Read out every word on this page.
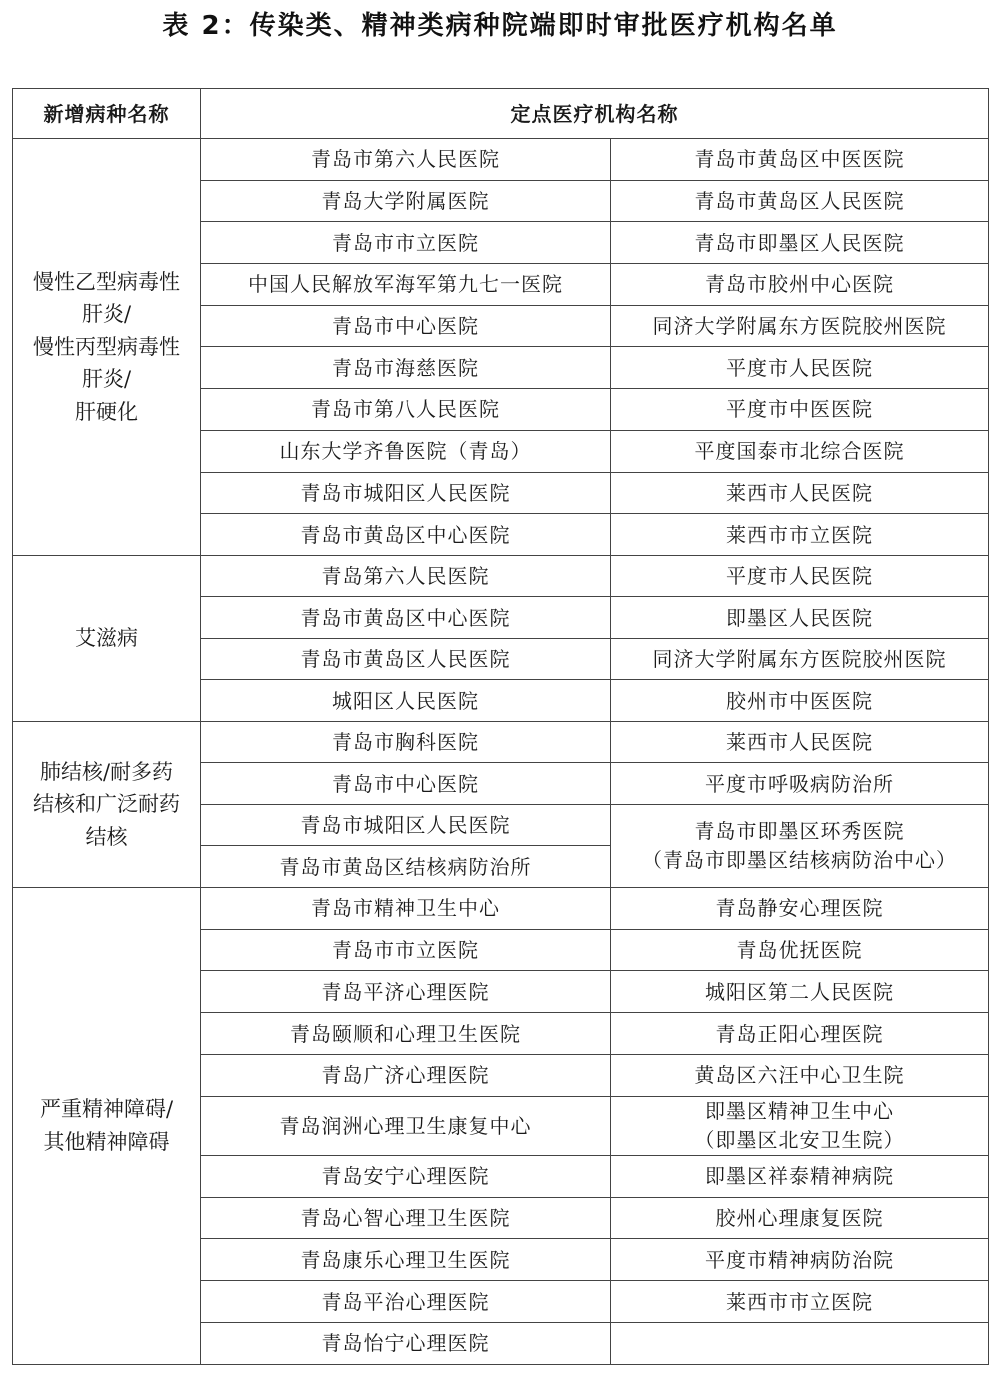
表 2：传染类、精神类病种院端即时审批医疗机构名单
新增病种名称	定点医疗机构名称	

慢性乙型病毒性
肝炎/
慢性丙型病毒性
肝炎/
肝硬化	青岛市第六人民医院	青岛市黄岛区中医医院
	青岛大学附属医院	青岛市黄岛区人民医院
	青岛市市立医院	青岛市即墨区人民医院
	中国人民解放军海军第九七一医院	青岛市胶州中心医院
	青岛市中心医院	同济大学附属东方医院胶州医院
	青岛市海慈医院	平度市人民医院
	青岛市第八人民医院	平度市中医医院
	山东大学齐鲁医院（青岛）	平度国泰市北综合医院
	青岛市城阳区人民医院	莱西市人民医院
	青岛市黄岛区中心医院	莱西市市立医院

艾滋病	青岛第六人民医院	平度市人民医院
	青岛市黄岛区中心医院	即墨区人民医院
	青岛市黄岛区人民医院	同济大学附属东方医院胶州医院
	城阳区人民医院	胶州市中医医院

肺结核/耐多药
结核和广泛耐药
结核	青岛市胸科医院	莱西市人民医院
	青岛市中心医院	平度市呼吸病防治所
	青岛市城阳区人民医院	青岛市即墨区环秀医院
（青岛市即墨区结核病防治中心）

	青岛市黄岛区结核病防治所	

严重精神障碍/
其他精神障碍	青岛市精神卫生中心	青岛静安心理医院
	青岛市市立医院	青岛优抚医院
	青岛平济心理医院	城阳区第二人民医院
	青岛颐顺和心理卫生医院	青岛正阳心理医院
	青岛广济心理医院	黄岛区六汪中心卫生院
	青岛润洲心理卫生康复中心	即墨区精神卫生中心
（即墨区北安卫生院）

	青岛安宁心理医院	即墨区祥泰精神病院
	青岛心智心理卫生医院	胶州心理康复医院
	青岛康乐心理卫生医院	平度市精神病防治院
	青岛平治心理医院	莱西市市立医院
	青岛怡宁心理医院	
